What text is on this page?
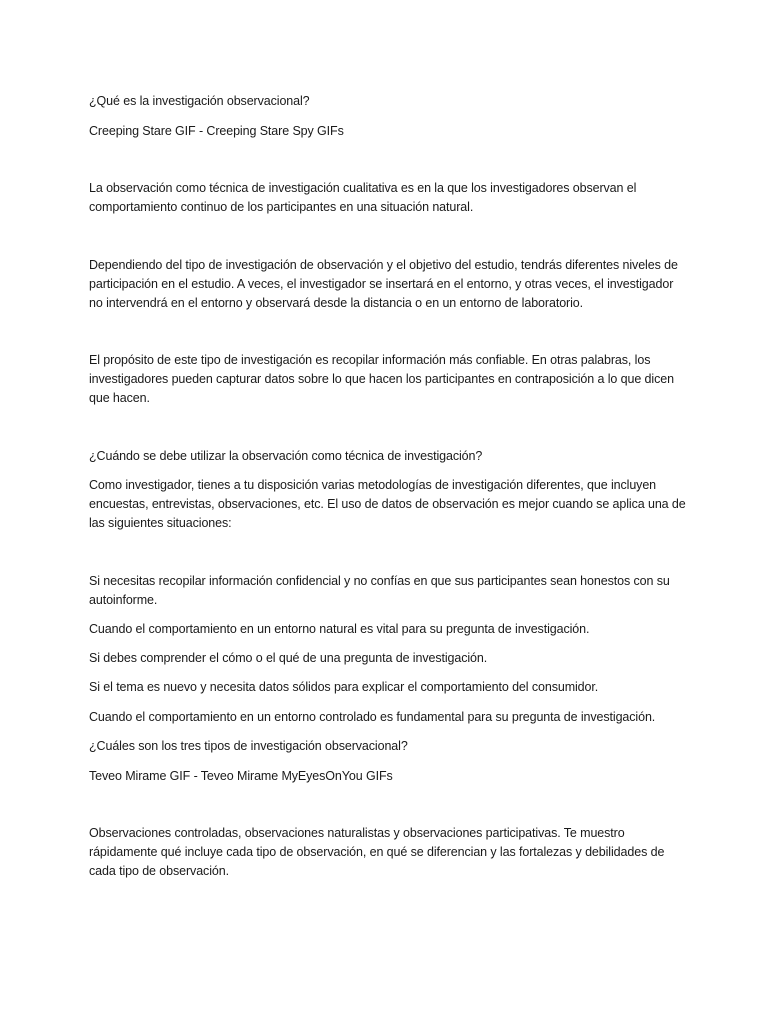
¿Qué es la investigación observacional?

Creeping Stare GIF - Creeping Stare Spy GIFs

La observación como técnica de investigación cualitativa es en la que los investigadores observan el comportamiento continuo de los participantes en una situación natural.

Dependiendo del tipo de investigación de observación y el objetivo del estudio, tendrás diferentes niveles de participación en el estudio. A veces, el investigador se insertará en el entorno, y otras veces, el investigador no intervendrá en el entorno y observará desde la distancia o en un entorno de laboratorio.

El propósito de este tipo de investigación es recopilar información más confiable. En otras palabras, los investigadores pueden capturar datos sobre lo que hacen los participantes en contraposición a lo que dicen que hacen.

¿Cuándo se debe utilizar la observación como técnica de investigación?

Como investigador, tienes a tu disposición varias metodologías de investigación diferentes, que incluyen encuestas, entrevistas, observaciones, etc. El uso de datos de observación es mejor cuando se aplica una de las siguientes situaciones:

Si necesitas recopilar información confidencial y no confías en que sus participantes sean honestos con su autoinforme.

Cuando el comportamiento en un entorno natural es vital para su pregunta de investigación.

Si debes comprender el cómo o el qué de una pregunta de investigación.

Si el tema es nuevo y necesita datos sólidos para explicar el comportamiento del consumidor.

Cuando el comportamiento en un entorno controlado es fundamental para su pregunta de investigación.

¿Cuáles son los tres tipos de investigación observacional?

Teveo Mirame GIF - Teveo Mirame MyEyesOnYou GIFs

Observaciones controladas, observaciones naturalistas y observaciones participativas. Te muestro rápidamente qué incluye cada tipo de observación, en qué se diferencian y las fortalezas y debilidades de cada tipo de observación.
